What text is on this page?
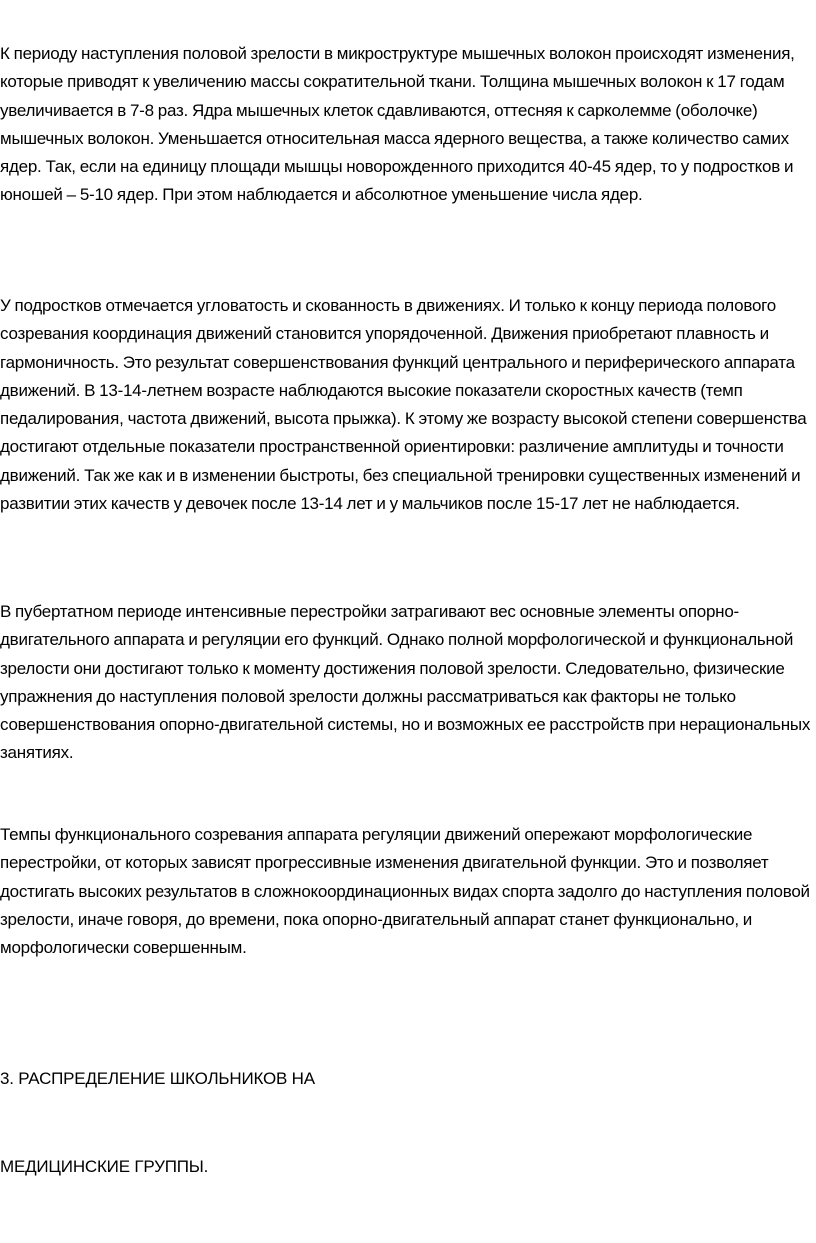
К периоду наступления половой зрелости в микроструктуре мышечных волокон происходят изменения, которые приводят к увеличению массы сократительной ткани. Толщина мышечных волокон к 17 годам увеличивается в 7-8 раз. Ядра мышечных клеток сдавливаются, оттесняя к сарколемме (оболочке) мышечных волокон. Уменьшается относительная масса ядерного вещества, а также количество самих ядер. Так, если на единицу площади мышцы новорожденного приходится 40-45 ядер, то у подростков и юношей – 5-10 ядер. При этом наблюдается и абсолютное уменьшение числа ядер.

У подростков отмечается угловатость и скованность в движениях. И только к концу периода полового созревания координация движений становится упорядоченной. Движения приобретают плавность и гармоничность. Это результат совершенствования функций центрального и периферического аппарата движений. В 13-14-летнем возрасте наблюдаются высокие показатели скоростных качеств (темп педалирования, частота движений, высота прыжка). К этому же возрасту высокой степени совершенства достигают отдельные показатели пространственной ориентировки: различение амплитуды и точности движений. Так же как и в изменении быстроты, без специальной тренировки существенных изменений и развитии этих качеств у девочек после 13-14 лет и у мальчиков после 15-17 лет не наблюдается.

В пубертатном периоде интенсивные перестройки затрагивают вес основные элементы опорно-двигательного аппарата и регуляции его функций. Однако полной морфологической и функциональной зрелости они достигают только к моменту достижения половой зрелости. Следовательно, физические упражнения до наступления половой зрелости должны рассматриваться как факторы не только совершенствования опорно-двигательной системы, но и возможных ее расстройств при нерациональных занятиях.

Темпы функционального созревания аппарата регуляции движений опережают морфологические перестройки, от которых зависят прогрессивные изменения двигательной функции. Это и позволяет достигать высоких результатов в сложнокоординационных видах спорта задолго до наступления половой зрелости, иначе говоря, до времени, пока опорно-двигательный аппарат станет функционально, и морфологически совершенным.

3. РАСПРЕДЕЛЕНИЕ ШКОЛЬНИКОВ НА

МЕДИЦИНСКИЕ ГРУППЫ.
